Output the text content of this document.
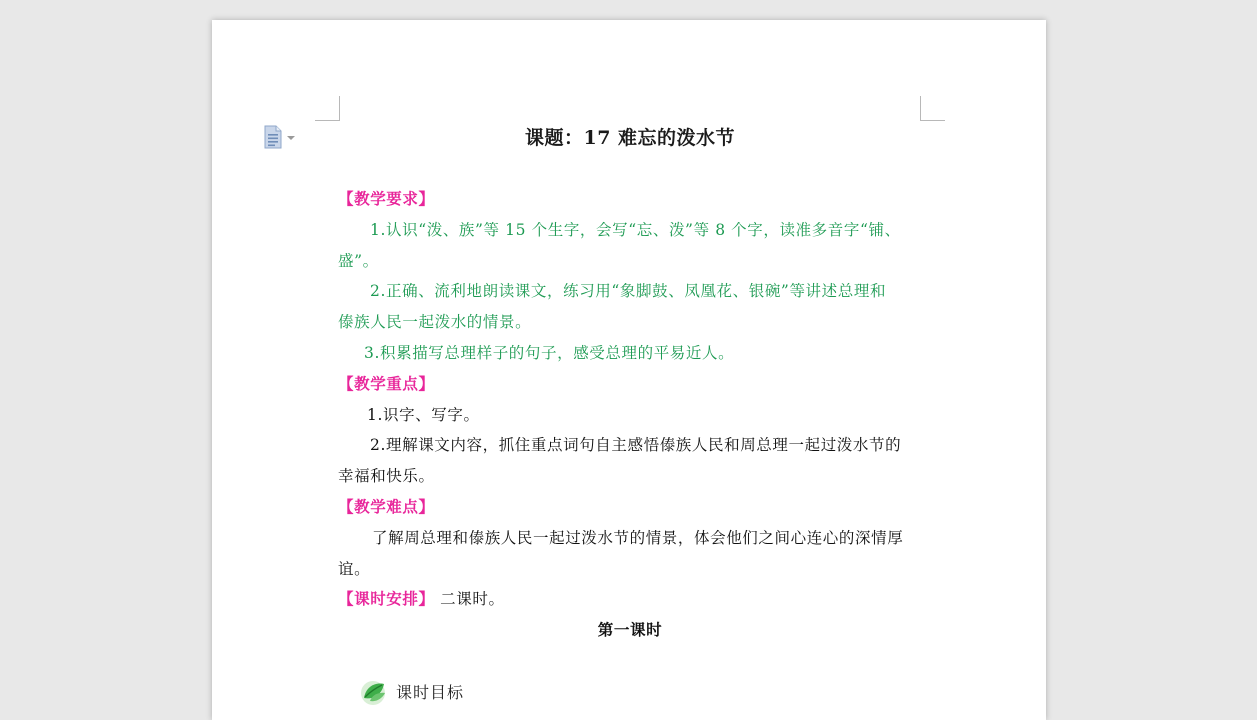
课题：17 难忘的泼水节
【教学要求】
1.认识“泼、族”等 15 个生字，会写“忘、泼”等 8 个字，读准多音字“铺、
盛”。
2.正确、流利地朗读课文，练习用“象脚鼓、凤凰花、银碗”等讲述总理和
傣族人民一起泼水的情景。
3.积累描写总理样子的句子，感受总理的平易近人。
【教学重点】
1.识字、写字。
2.理解课文内容，抓住重点词句自主感悟傣族人民和周总理一起过泼水节的
幸福和快乐。
【教学难点】
了解周总理和傣族人民一起过泼水节的情景，体会他们之间心连心的深情厚
谊。
【课时安排】 二课时。
第一课时
课时目标
